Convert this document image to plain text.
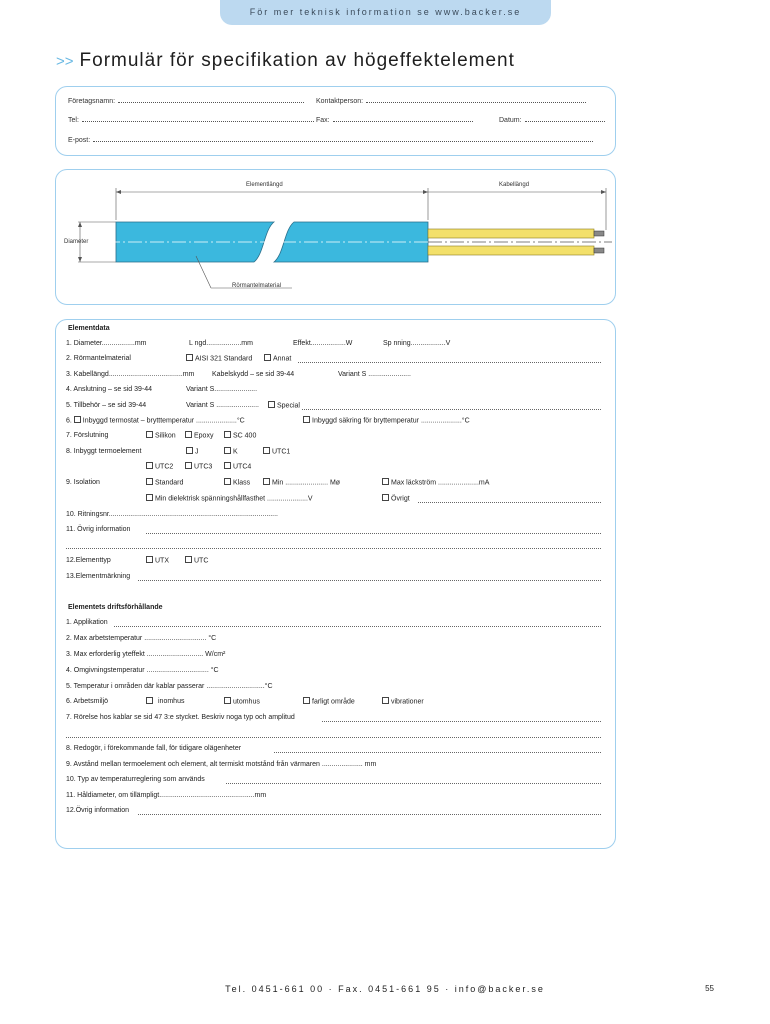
För mer teknisk information se www.backer.se
>> Formulär för specifikation av högeffektelement
Företagsnamn:	Kontaktperson:
Tel:	Fax:	Datum:
E-post:
Elementlängd	Kabellängd
Diameter
Rörmantelmaterial
Elementdata
1. Diameter.................mm	L ngd..................mm	Effekt..................W	Sp nning..................V
2. Rörmantelmaterial	AISI 321 Standard	Annat
3. Kabellängd......................................mm	Kabelskydd – se sid 39-44	Variant S ......................
4. Anslutning – se sid 39-44	Variant S......................
5. Tillbehör – se sid 39-44	Variant S ......................	Special
6. Inbyggd termostat – brytttemperatur .....................°C	Inbyggd säkring för bryttemperatur .....................°C
7. Förslutning	Silikon	Epoxy	SC 400
8. Inbyggt termoelement	J	K	UTC1
UTC2	UTC3	UTC4
9. Isolation	Standard	Klass	Min ...................... Mø	Max läckström .....................mA
Min dielektrisk spänningshållfasthet .....................V	Övrigt
10. Ritningsnr.......................................................................................
11. Övrig information
12.Elementtyp	UTX	UTC
13.Elementmärkning
Elementets driftsförhållande
1. Applikation
2. Max arbetstemperatur ................................ °C
3. Max erforderlig yteffekt ............................. W/cm²
4. Omgivningstemperatur ................................ °C
5. Temperatur i områden där kablar passerar ..............................°C
6. Arbetsmiljö	inomhus	utomhus	farligt område	vibrationer
7. Rörelse hos kablar se sid 47 3:e stycket. Beskriv noga typ och amplitud
8. Redogör, i förekommande fall, för tidigare olägenheter
9. Avstånd mellan termoelement och element, alt termiskt motstånd från värmaren ..................... mm
10. Typ av temperaturreglering som används
11. Håldiameter, om tillämpligt.................................................mm
12.Övrig information
Tel. 0451-661 00 · Fax. 0451-661 95 · info@backer.se	55
